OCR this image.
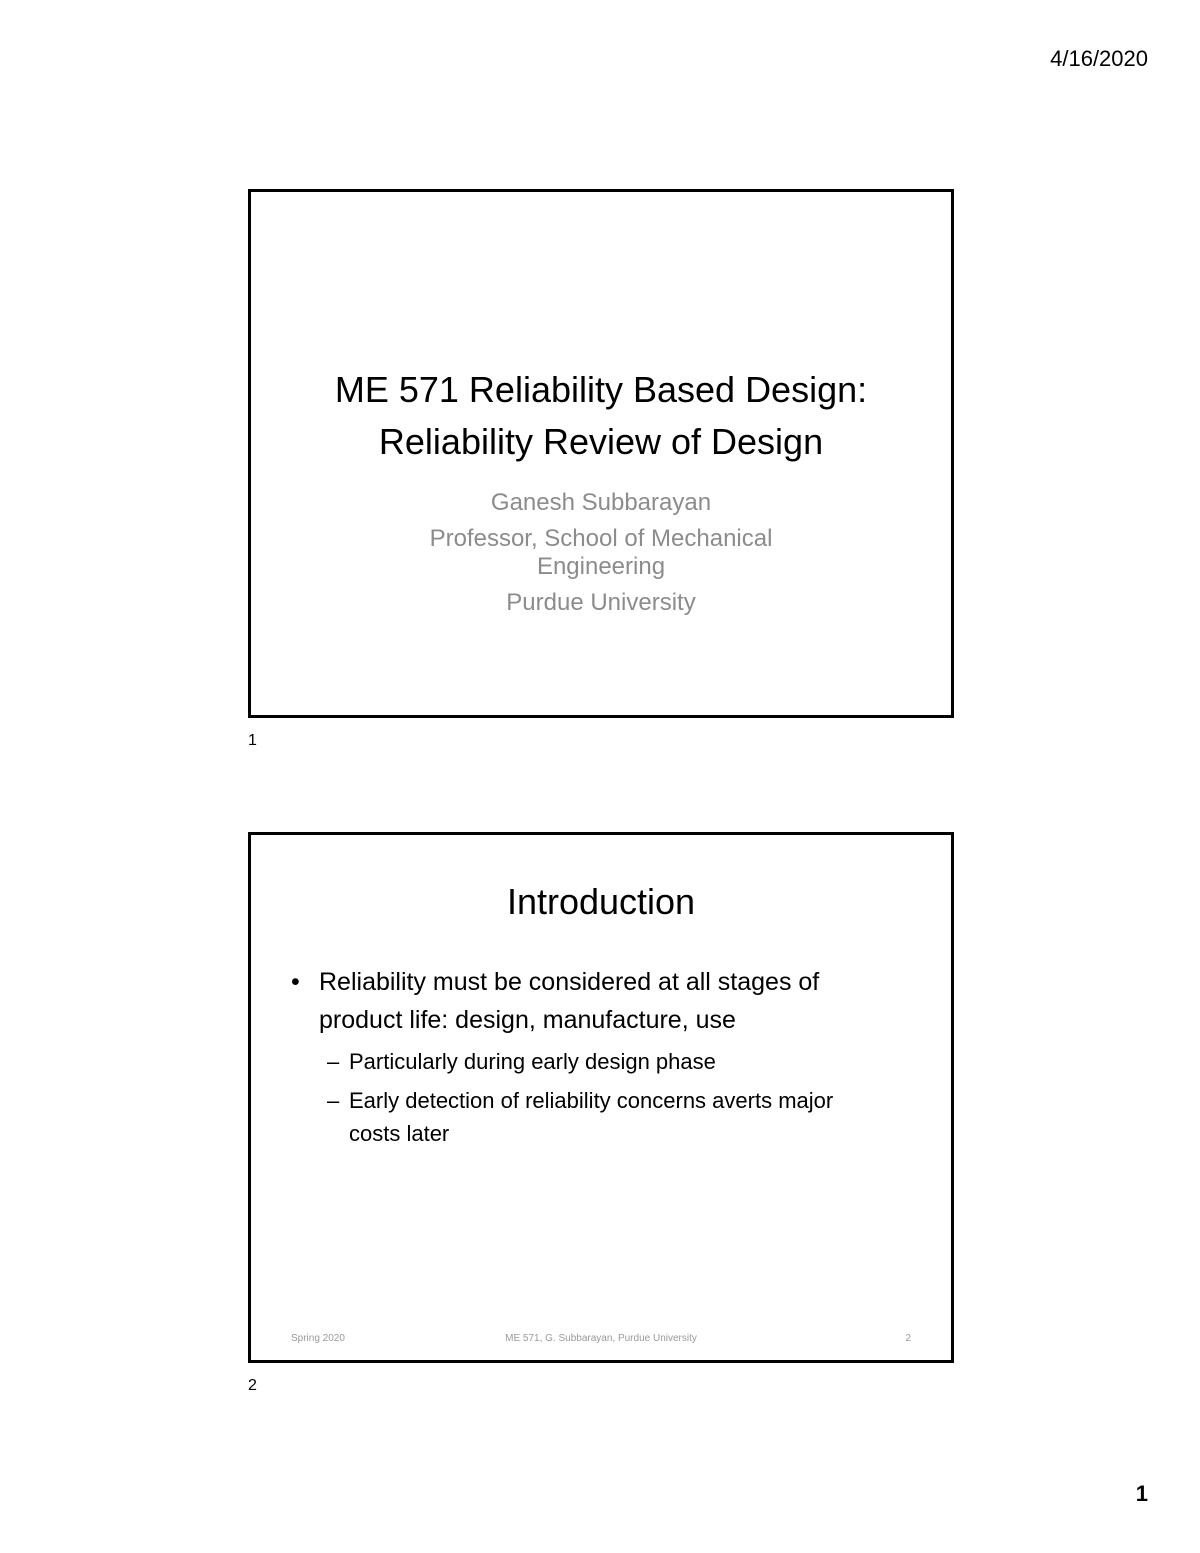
4/16/2020
ME 571 Reliability Based Design:
Reliability Review of Design
Ganesh Subbarayan
Professor, School of Mechanical
Engineering
Purdue University
1
Introduction
• Reliability must be considered at all stages of
product life: design, manufacture, use
– Particularly during early design phase
– Early detection of reliability concerns averts major
costs later
Spring 2020	ME 571, G. Subbarayan, Purdue University	2
2
1
